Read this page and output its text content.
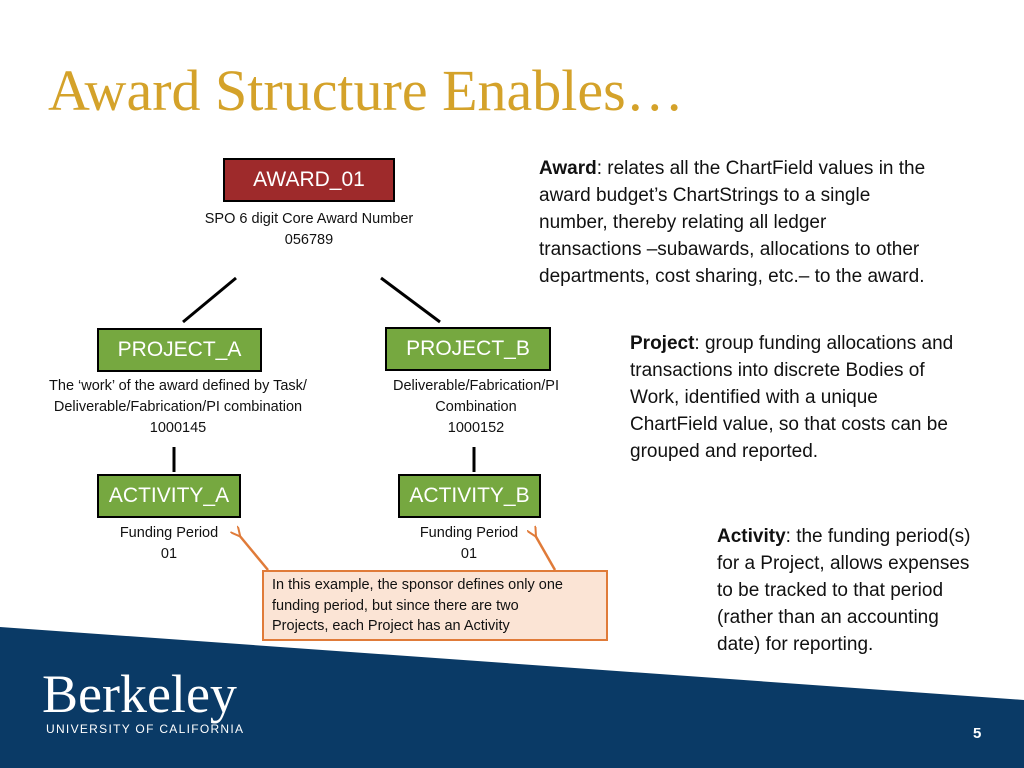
Award Structure Enables…
AWARD_01
SPO 6 digit Core Award Number
056789
PROJECT_A
The ‘work’ of the award defined by Task/
Deliverable/Fabrication/PI combination
1000145
PROJECT_B
Deliverable/Fabrication/PI
Combination
1000152
ACTIVITY_A
Funding Period
01
ACTIVITY_B
Funding Period
01
In this example, the sponsor defines only one
funding period, but since there are two
Projects, each Project has an Activity
Award: relates all the ChartField values in the
award budget’s ChartStrings to a single
number, thereby relating all ledger
transactions –subawards, allocations to other
departments, cost sharing, etc.– to the award.
Project: group funding allocations and
transactions into discrete Bodies of
Work, identified with a unique
ChartField value, so that costs can be
grouped and reported.
Activity: the funding period(s)
for a Project, allows expenses
to be tracked to that period
(rather than an accounting
date) for reporting.
Berkeley
UNIVERSITY OF CALIFORNIA	5
